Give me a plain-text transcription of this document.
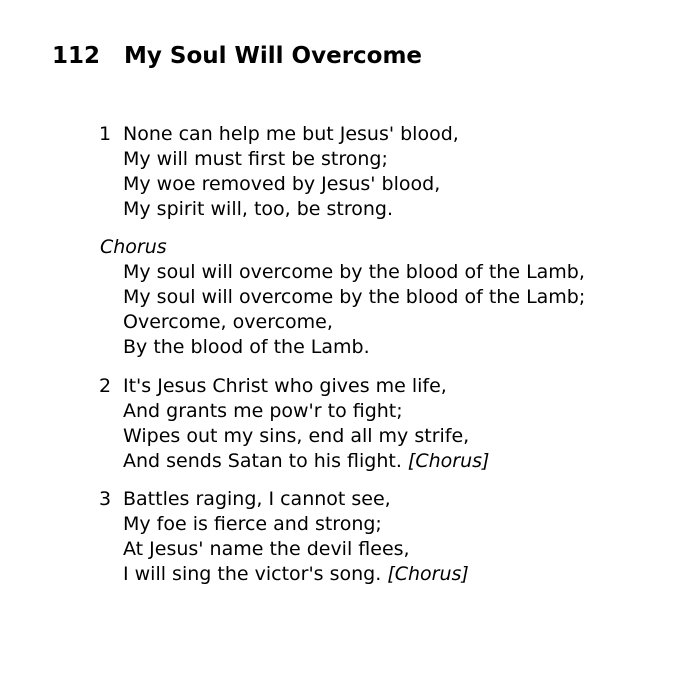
112 My Soul Will Overcome
1 None can help me but Jesus' blood,
My will must first be strong;
My woe removed by Jesus' blood,
My spirit will, too, be strong.
Chorus
My soul will overcome by the blood of the Lamb,
My soul will overcome by the blood of the Lamb;
Overcome, overcome,
By the blood of the Lamb.
2 It's Jesus Christ who gives me life,
And grants me pow'r to fight;
Wipes out my sins, end all my strife,
And sends Satan to his flight. [Chorus]
3 Battles raging, I cannot see,
My foe is fierce and strong;
At Jesus' name the devil flees,
I will sing the victor's song. [Chorus]
